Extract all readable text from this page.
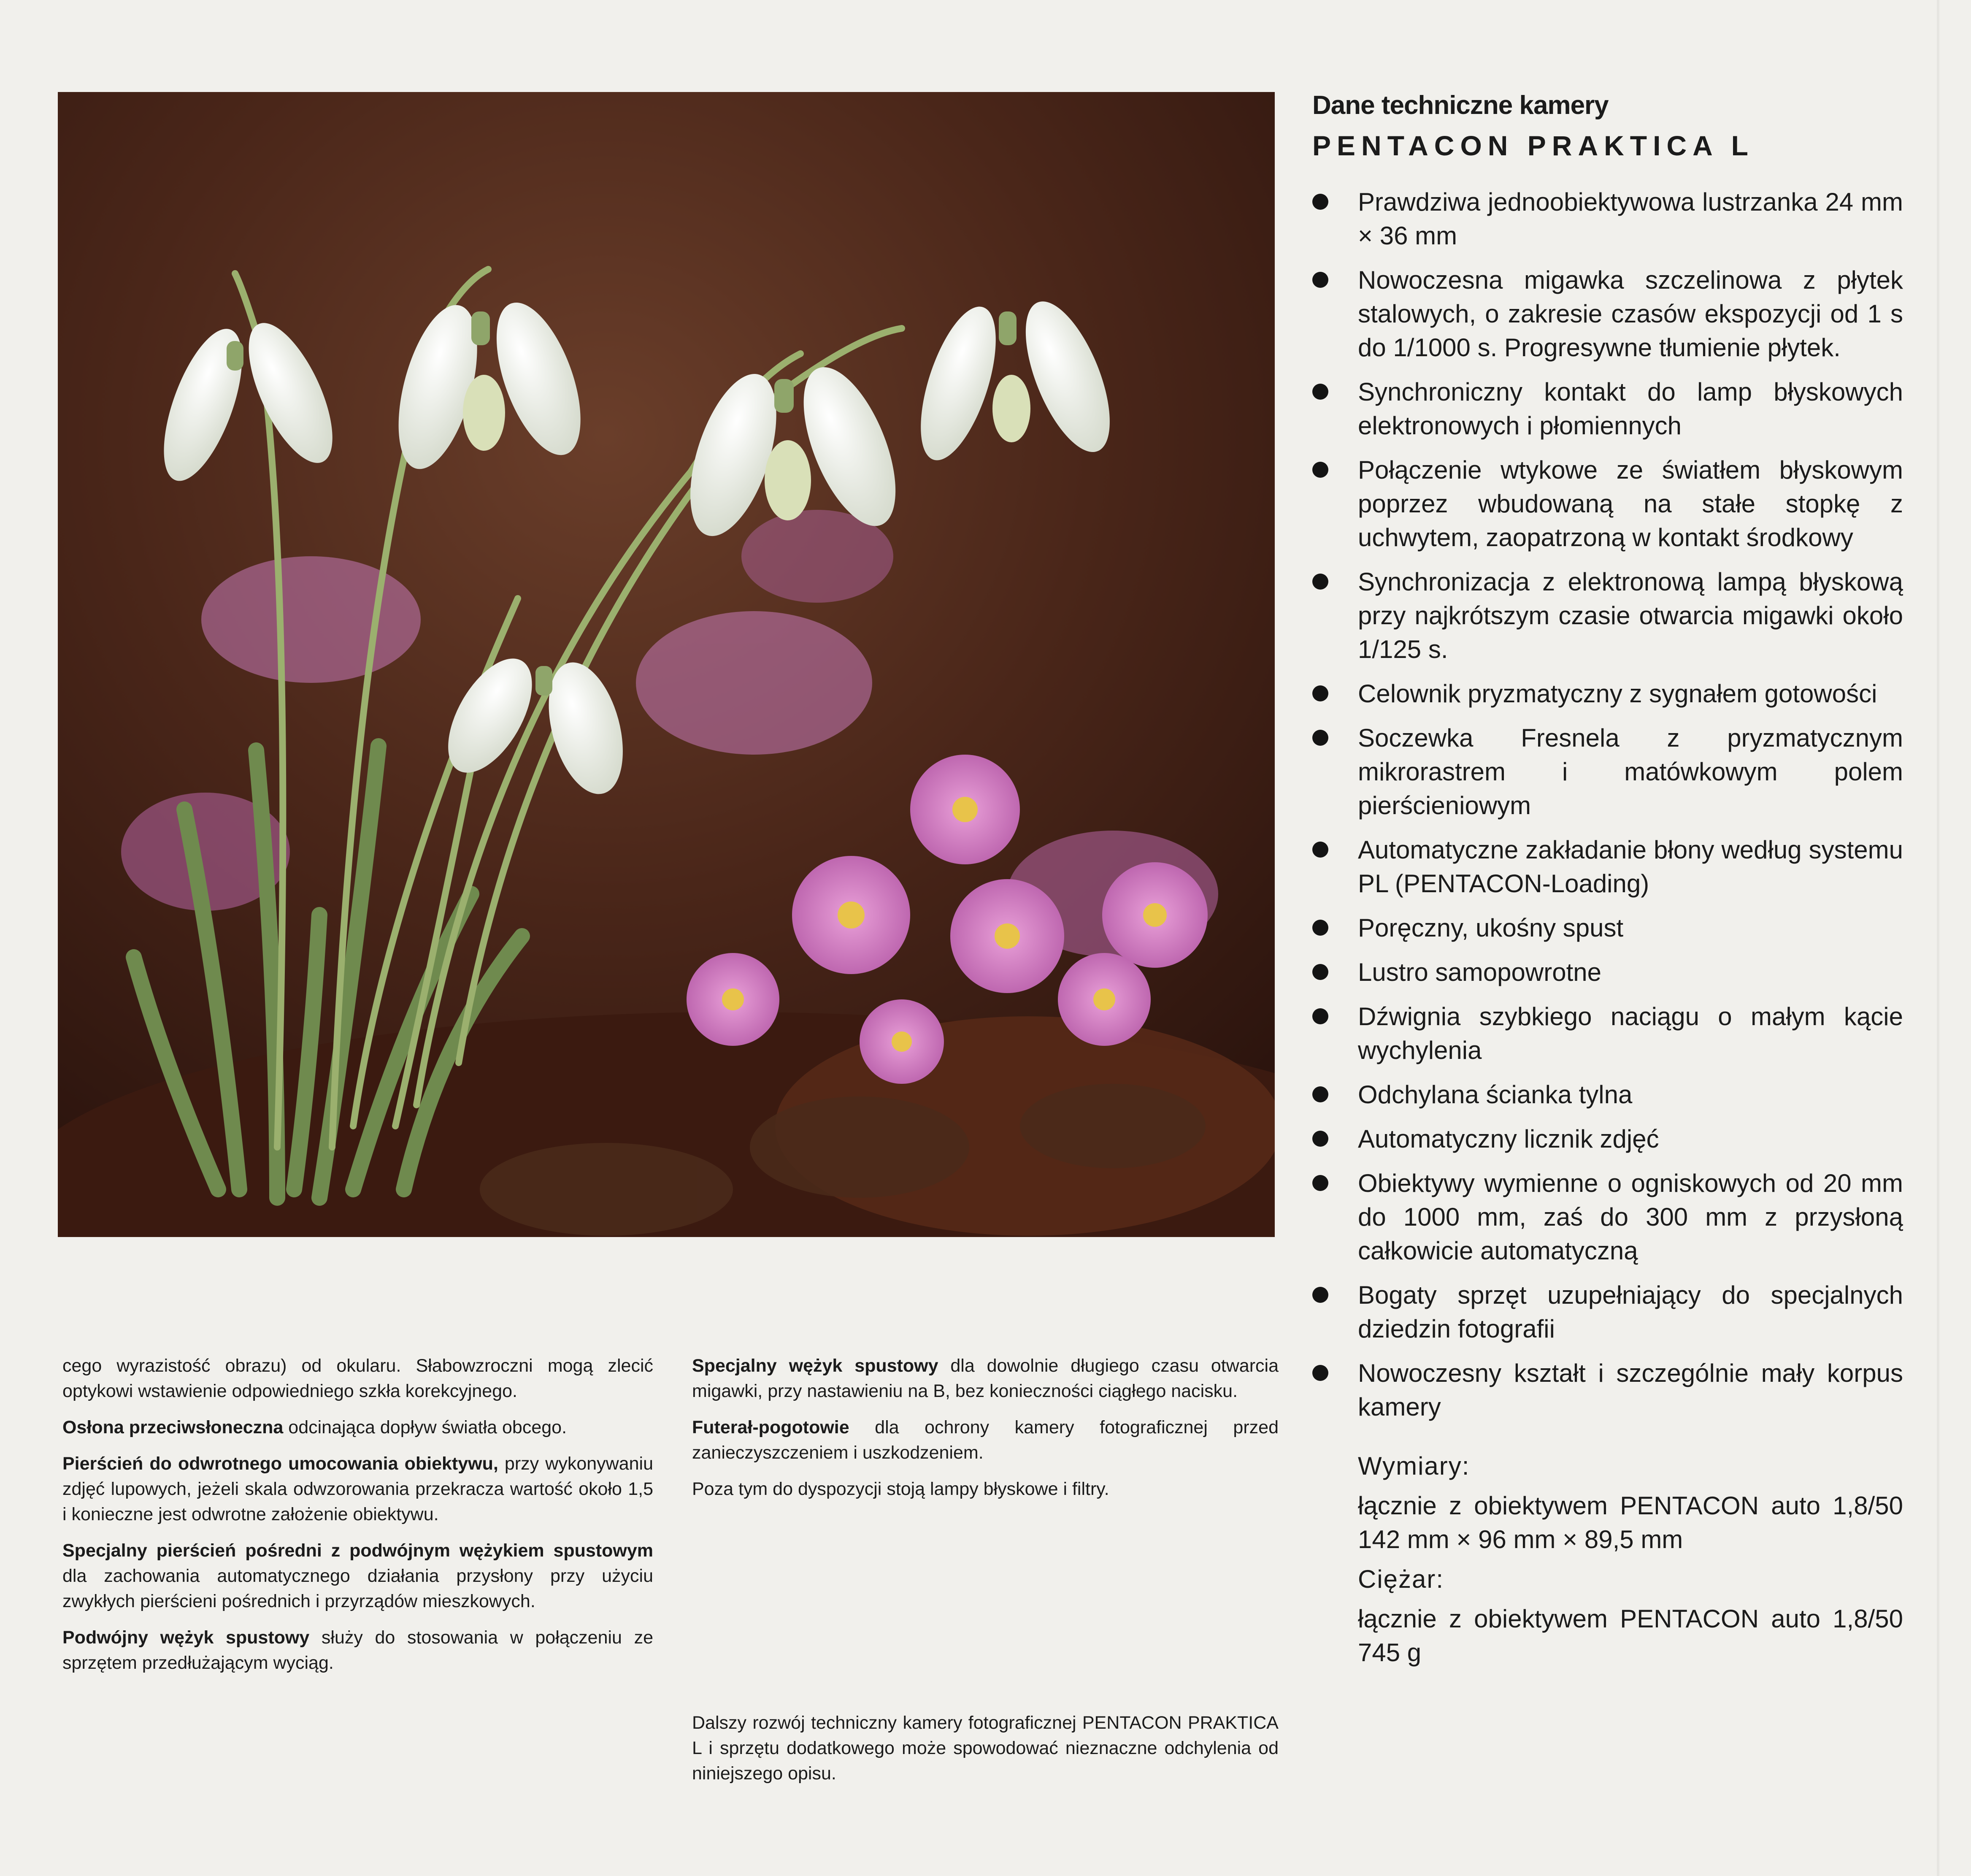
Dane techniczne kamery
PENTACON PRAKTICA L
Prawdziwa jednoobiektywowa lustrzanka 24 mm × 36 mm
Nowoczesna migawka szczelinowa z płytek stalowych, o zakresie czasów ekspozycji od 1 s do 1/1000 s. Progresywne tłumienie płytek.
Synchroniczny kontakt do lamp błyskowych elektronowych i płomiennych
Połączenie wtykowe ze światłem błyskowym poprzez wbudowaną na stałe stopkę z uchwytem, zaopatrzoną w kontakt środkowy
Synchronizacja z elektronową lampą błyskową przy najkrótszym czasie otwarcia migawki około 1/125 s.
Celownik pryzmatyczny z sygnałem gotowości
Soczewka Fresnela z pryzmatycznym mikrorastrem i matówkowym polem pierścieniowym
Automatyczne zakładanie błony według systemu PL (PENTACON-Loading)
Poręczny, ukośny spust
Lustro samopowrotne
Dźwignia szybkiego naciągu o małym kącie wychylenia
Odchylana ścianka tylna
Automatyczny licznik zdjęć
Obiektywy wymienne o ogniskowych od 20 mm do 1000 mm, zaś do 300 mm z przysłoną całkowicie automatyczną
Bogaty sprzęt uzupełniający do specjalnych dziedzin fotografii
Nowoczesny kształt i szczególnie mały korpus kamery

Wymiary:

łącznie z obiektywem PENTACON auto 1,8/50 142 mm × 96 mm × 89,5 mm

Ciężar:

łącznie z obiektywem PENTACON auto 1,8/50 745 g

cego wyrazistość obrazu) od okularu. Słabowzroczni mogą zlecić optykowi wstawienie odpowiedniego szkła korekcyjnego.

Osłona przeciwsłoneczna odcinająca dopływ światła obcego.

Pierścień do odwrotnego umocowania obiektywu, przy wykonywaniu zdjęć lupowych, jeżeli skala odwzorowania przekracza wartość około 1,5 i konieczne jest odwrotne założenie obiektywu.

Specjalny pierścień pośredni z podwójnym wężykiem spustowym dla zachowania automatycznego działania przysłony przy użyciu zwykłych pierścieni pośrednich i przyrządów mieszkowych.

Podwójny wężyk spustowy służy do stosowania w połączeniu ze sprzętem przedłużającym wyciąg.

Specjalny wężyk spustowy dla dowolnie długiego czasu otwarcia migawki, przy nastawieniu na B, bez konieczności ciągłego nacisku.

Futerał-pogotowie dla ochrony kamery fotograficznej przed zanieczyszczeniem i uszkodzeniem.

Poza tym do dyspozycji stoją lampy błyskowe i filtry.

Dalszy rozwój techniczny kamery fotograficznej PENTACON PRAKTICA L i sprzętu dodatkowego może spowodować nieznaczne odchylenia od niniejszego opisu.
